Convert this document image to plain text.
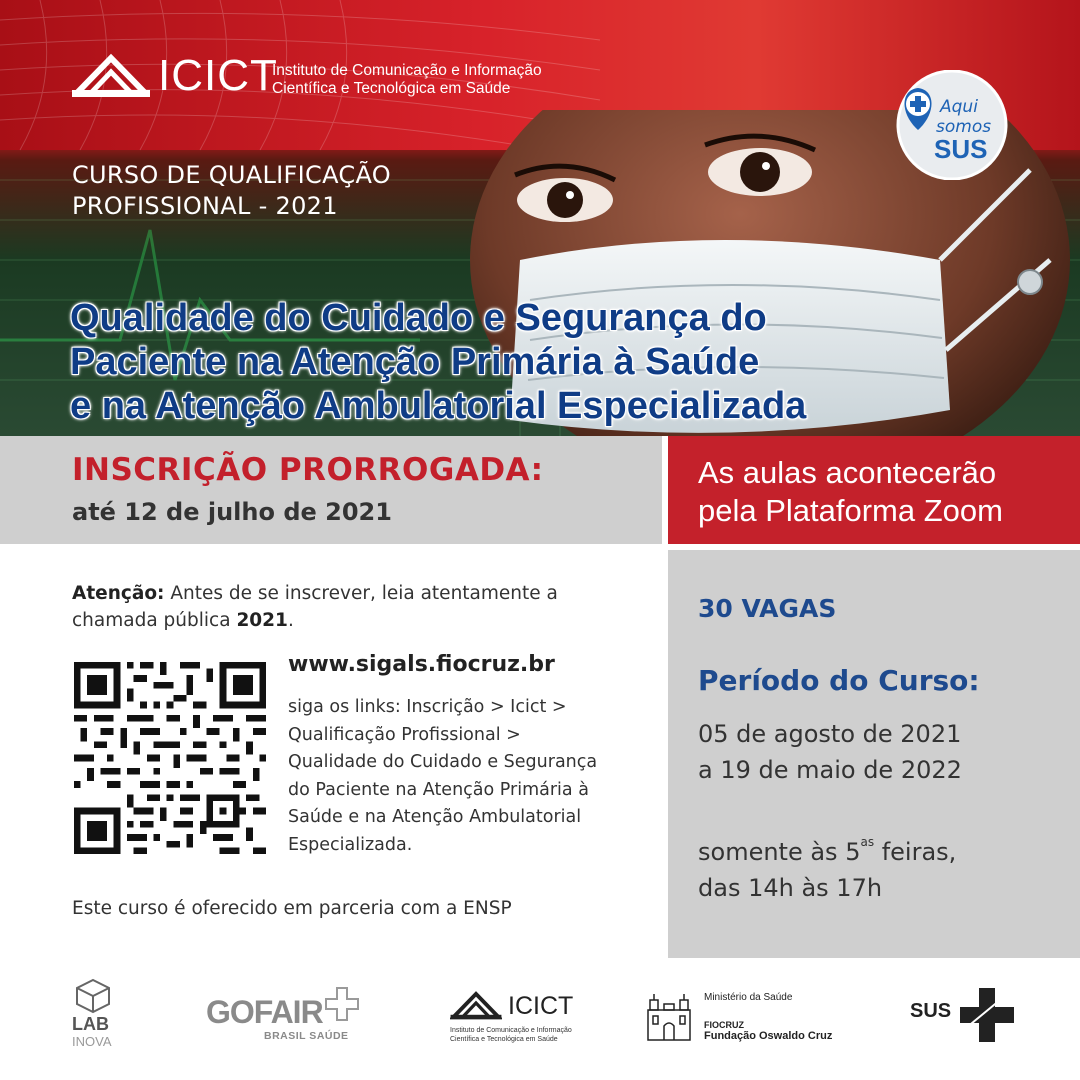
ICICT
Instituto de Comunicação e Informação
Científica e Tecnológica em Saúde
Aqui
somos
SUS
CURSO DE QUALIFICAÇÃO
PROFISSIONAL - 2021
Qualidade do Cuidado e Segurança do
Paciente na Atenção Primária à Saúde
e na Atenção Ambulatorial Especializada
INSCRIÇÃO PRORROGADA:
até 12 de julho de 2021
As aulas acontecerão
pela Plataforma Zoom
30 VAGAS
Período do Curso:
05 de agosto de 2021
a 19 de maio de 2022
somente às $5^{as}$ feiras,
das 14h às 17h
Atenção: Antes de se inscrever, leia atentamente a
chamada pública 2021.
www.sigals.fiocruz.br
siga os links: Inscrição > Icict >
Qualificação Profissional >
Qualidade do Cuidado e Segurança
do Paciente na Atenção Primária à
Saúde e na Atenção Ambulatorial
Especializada.
Este curso é oferecido em parceria com a ENSP
LAB
INOVA
GOFAIR
BRASIL SAÚDE
ICICT
Instituto de Comunicação e Informação
Científica e Tecnológica em Saúde
Ministério da Saúde
FIOCRUZ
Fundação Oswaldo Cruz
SUS
